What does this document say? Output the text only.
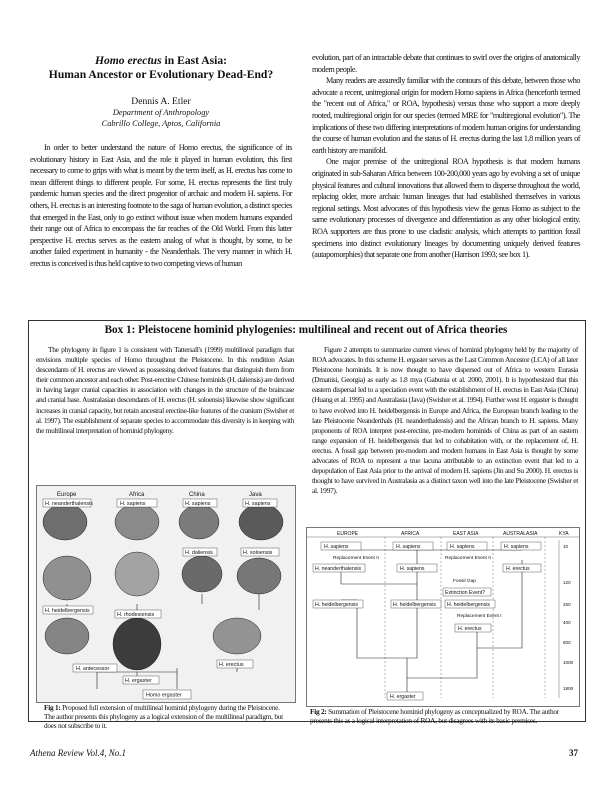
Homo erectus in East Asia:
Human Ancestor or Evolutionary Dead-End?
Dennis A. Etler
Department of Anthropology
Cabrillo College, Aptos, California

In order to better understand the nature of Homo erectus, the significance of its evolutionary history in East Asia, and the role it played in human evolution, this first necessary to come to grips with what is meant by the term itself, as H. erectus has come to mean different things to different people. For some, H. erectus represents the first truly pandemic human species and the direct progenitor of archaic and modern H. sapiens. For others, H. erectus is an interesting footnote to the saga of human evolution, a distinct species that emerged in the East, only to go extinct without issue when modern humans expanded their range out of Africa to encompass the far reaches of the Old World. From this latter perspective H. erectus serves as the eastern analog of what is thought, by some, to be another failed experiment in humanity - the Neanderthals. The very manner in which H. erectus is conceived is thus held captive to two competing views of human

evolution, part of an intractable debate that continues to swirl over the origins of anatomically modern people.

Many readers are assuredly familiar with the contours of this debate, between those who advocate a recent, unitregional origin for modern Homo sapiens in Africa (henceforth termed the "recent out of Africa," or ROA, hypothesis) versus those who support a more deeply rooted, multiregional origin for our species (termed MRE for "multiregional evolution"). The implications of these two differing interpretations of modern human origins for understanding the course of human evolution and the status of H. erectus during the last 1.8 million years of earth history are manifold.

One major premise of the unitregional ROA hypothesis is that modern humans originated in sub-Saharan Africa between 100-200,000 years ago by evolving a set of unique physical features and cultural innovations that allowed them to disperse throughout the world, replacing older, more archaic human lineages that had established themselves in various regional settings. Most advocates of this hypothesis view the genus Homo as subject to the same evolutionary processes of divergence and differentiation as any other biological entity. ROA supporters are thus prone to use cladistic analysis, which attempts to partition fossil specimens into distinct evolutionary lineages by documenting uniquely derived features (autapomorphies) that separate one from another (Harrison 1993; see box 1).

Box 1: Pleistocene hominid phylogenies: multilineal and recent out of Africa theories

The phylogeny in figure 1 is consistent with Tattersall's (1999) multilineal paradigm that envisions multiple species of Homo throughout the Pleistocene. In this rendition Asian descendants of H. erectus are viewed as possessing derived features that distinguish them from their common ancestor and each other. Post-erectine Chinese hominids (H. daliensis) are derived in having larger cranial capacities in association with changes in the structure of the braincase and cranial base. Australasian descendants of H. erectus (H. soloensis) likewise show significant increases in cranial capacity, but retain ancestral erectine-like features of the cranium (Swisher et al. 1997). The establishment of separate species to accommodate this diversity is in keeping with the multilineal interpretation of hominid phylogeny.

Figure 2 attempts to summarize current views of hominid phylogeny held by the majority of ROA advocates. In this scheme H. ergaster serves as the Last Common Ancestor (LCA) of all later Pleistocene hominids. It is now thought to have dispersed out of Africa to western Eurasia (Dmanisi, Georgia) as early as 1.8 mya (Gabunia et al. 2000, 2001). It is hypothesized that this eastern dispersal led to a speciation event with the establishment of H. erectus in East Asia (China) (Huang et al. 1995) and Australasia (Java) (Swisher et al. 1994). Further west H. ergaster is thought to have evolved into H. heidelbergensis in Europe and Africa, the European branch leading to the late Pleistocene Neanderthals (H. neanderthalensis) and the African branch to H. sapiens. Many proponents of ROA interpret post-erectine, pre-modern hominids of China as part of an eastern range expansion of H. heidelbergensis that led to cohabitation with, or the replacement of, H. erectus. A fossil gap between pre-modern and modern humans in East Asia is thought by some advocates of ROA to represent a true lacuna attributable to an extinction event that led to a depopulation of East Asia prior to the arrival of modern H. sapiens (Jin and Su 2000). H. erectus is thought to have survived in Australasia as a distinct taxon well into the late Pleistocene (Swisher et al. 1997).

Europe	Africa	China	Java
H. neanderthalensis	H. sapiens	H. sapiens	H. sapiens
H. daliensis	H. soloensis
H. heidelbergensis
H. rhodesiensis
H. antecessor
H. erectus
H. ergaster
Homo ergaster
Fig 1: Proposed full extension of multilineal hominid phylogeny during the Pleistocene. The author presents this phylogeny as a logical extension of the multilineal paradigm, but does not subscribe to it.
EUROPE	AFRICA	EAST ASIA	AUSTRALASIA	KYA
10
120
250
400
600
1000
1800
H. sapiens	H. sapiens	H. sapiens	H. sapiens
Replacement Event II	Replacement Event II
H. neanderthalensis	H. sapiens	H. erectus
Fossil Gap
Extinction Event?
H. heidelbergensis	H. heidelbergensis H. heidelbergensis
Replacement Event I
H. erectus
H. ergaster
Fig 2: Summation of Pleistocene hominid phylogeny as conceptualized by ROA. The author presents this as a logical interpretation of ROA, but disagrees with its basic premises.
Athena Review Vol.4, No.1	37
